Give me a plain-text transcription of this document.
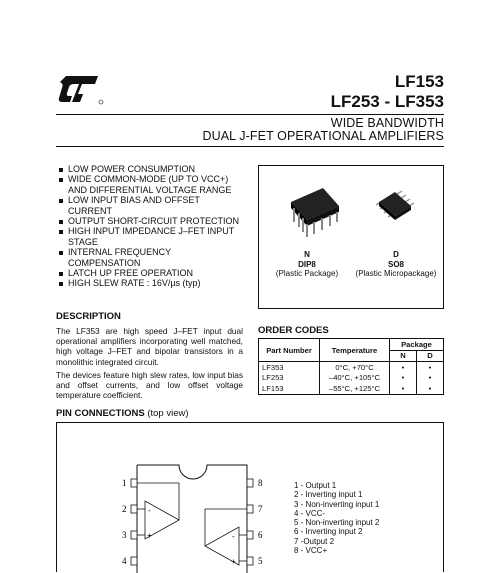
LF153
LF253 - LF353
WIDE BANDWIDTH
DUAL J-FET OPERATIONAL AMPLIFIERS
LOW POWER CONSUMPTION
WIDE COMMON-MODE (UP TO VCC+) AND DIFFERENTIAL VOLTAGE RANGE
LOW INPUT BIAS AND OFFSET CURRENT
OUTPUT SHORT-CIRCUIT PROTECTION
HIGH INPUT IMPEDANCE J–FET INPUT STAGE
INTERNAL FREQUENCY COMPENSATION
LATCH UP FREE OPERATION
HIGH SLEW RATE : 16V/µs (typ)
N
DIP8
(Plastic Package)
D
SO8
(Plastic Micropackage)
DESCRIPTION

The LF353 are high speed J–FET input dual operational amplifiers incorporating well matched, high voltage J–FET and bipolar transistors in a monolithic integrated circuit.

The devices feature high slew rates, low input bias and offset currents, and low offset voltage temperature coefficient.

ORDER CODES
Part Number	Temperature	Package	
		N	D
LF353	0°C, +70°C	•	•
LF253	–40°C, +105°C	•	•
LF153	–55°C, +125°C	•	•
PIN CONNECTIONS (top view)
1
2
3
4
8
7
6
5
-
+	-
+
1 - Output 1
2 - Inverting input 1
3 - Non-inverting input 1
4 - VCC-
5 - Non-inverting input 2
6 - Inverting input 2
7 -Output 2
8 - VCC+
